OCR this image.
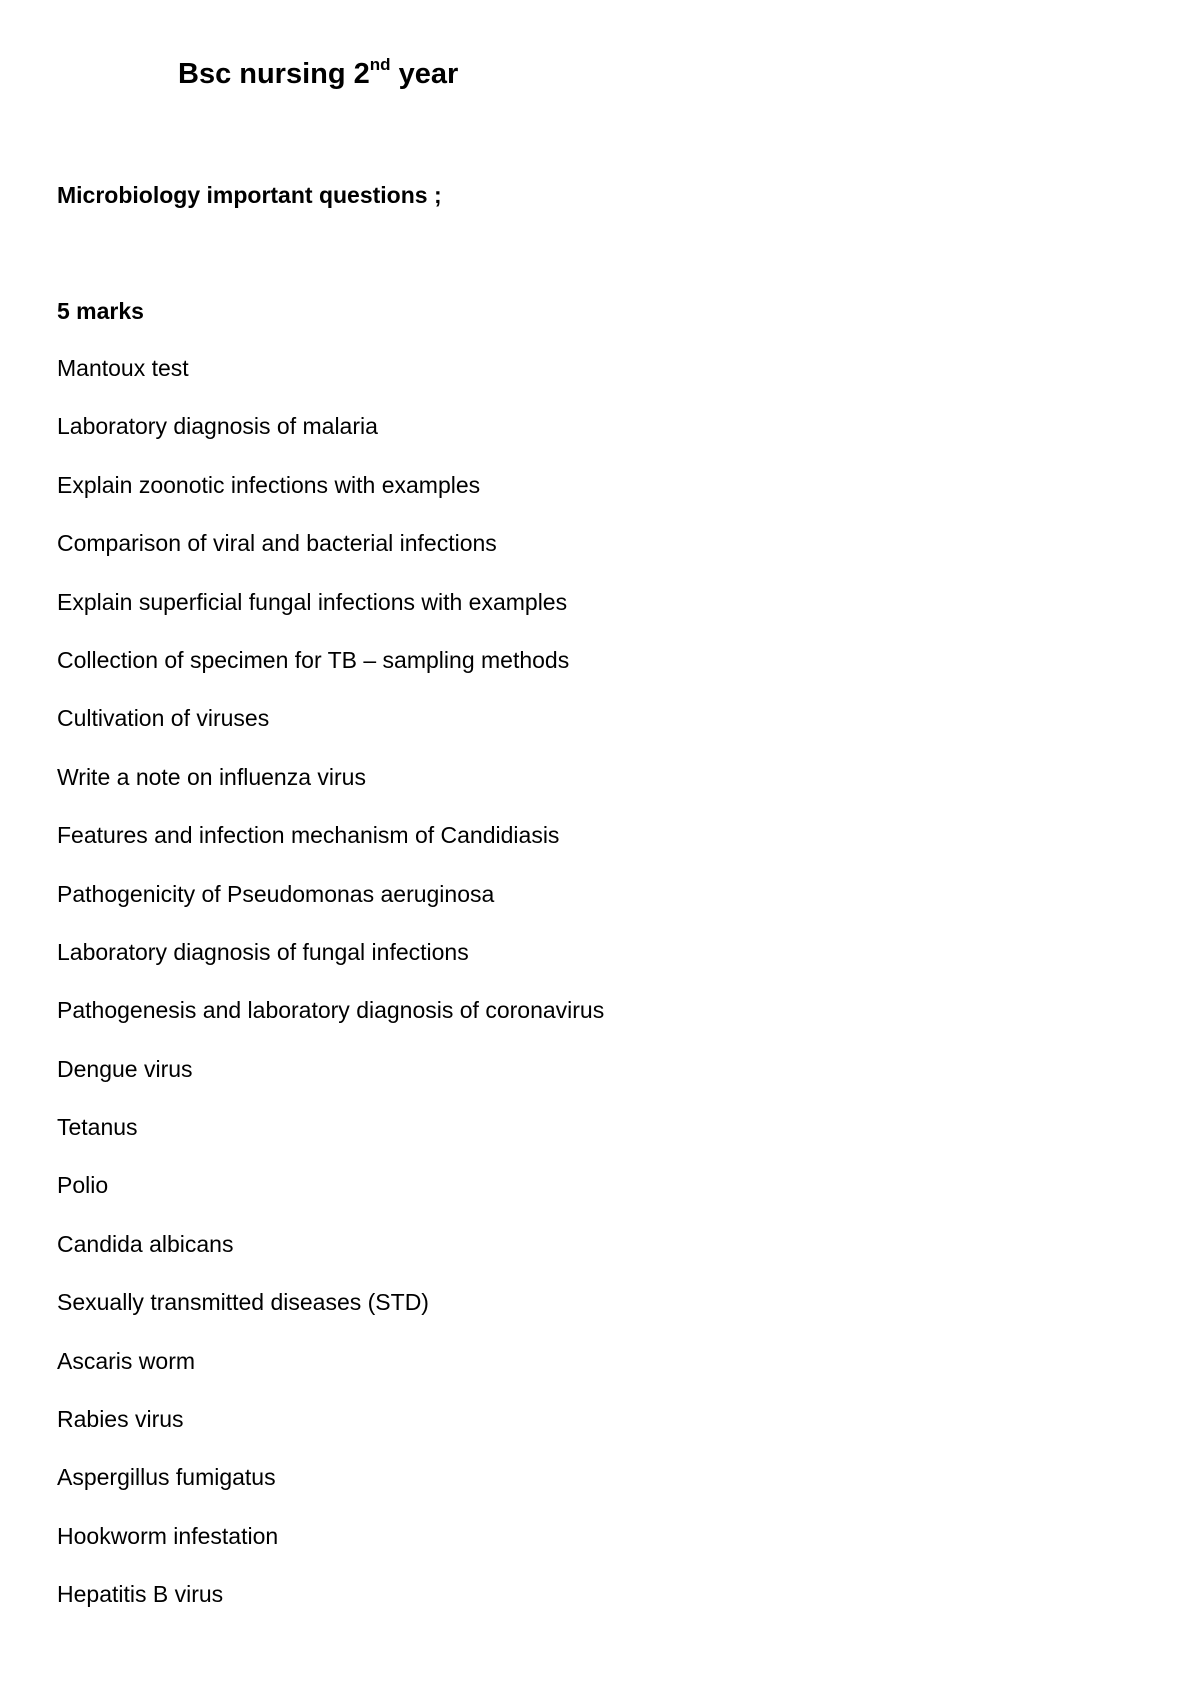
Bsc nursing 2nd year
Microbiology important questions ;
5 marks
Mantoux test
Laboratory diagnosis of malaria
Explain zoonotic infections with examples
Comparison of viral and bacterial infections
Explain superficial fungal infections with examples
Collection of specimen for TB – sampling methods
Cultivation of viruses
Write a note on influenza virus
Features and infection mechanism of Candidiasis
Pathogenicity of Pseudomonas aeruginosa
Laboratory diagnosis of fungal infections
Pathogenesis and laboratory diagnosis of coronavirus
Dengue virus
Tetanus
Polio
Candida albicans
Sexually transmitted diseases (STD)
Ascaris worm
Rabies virus
Aspergillus fumigatus
Hookworm infestation
Hepatitis B virus
